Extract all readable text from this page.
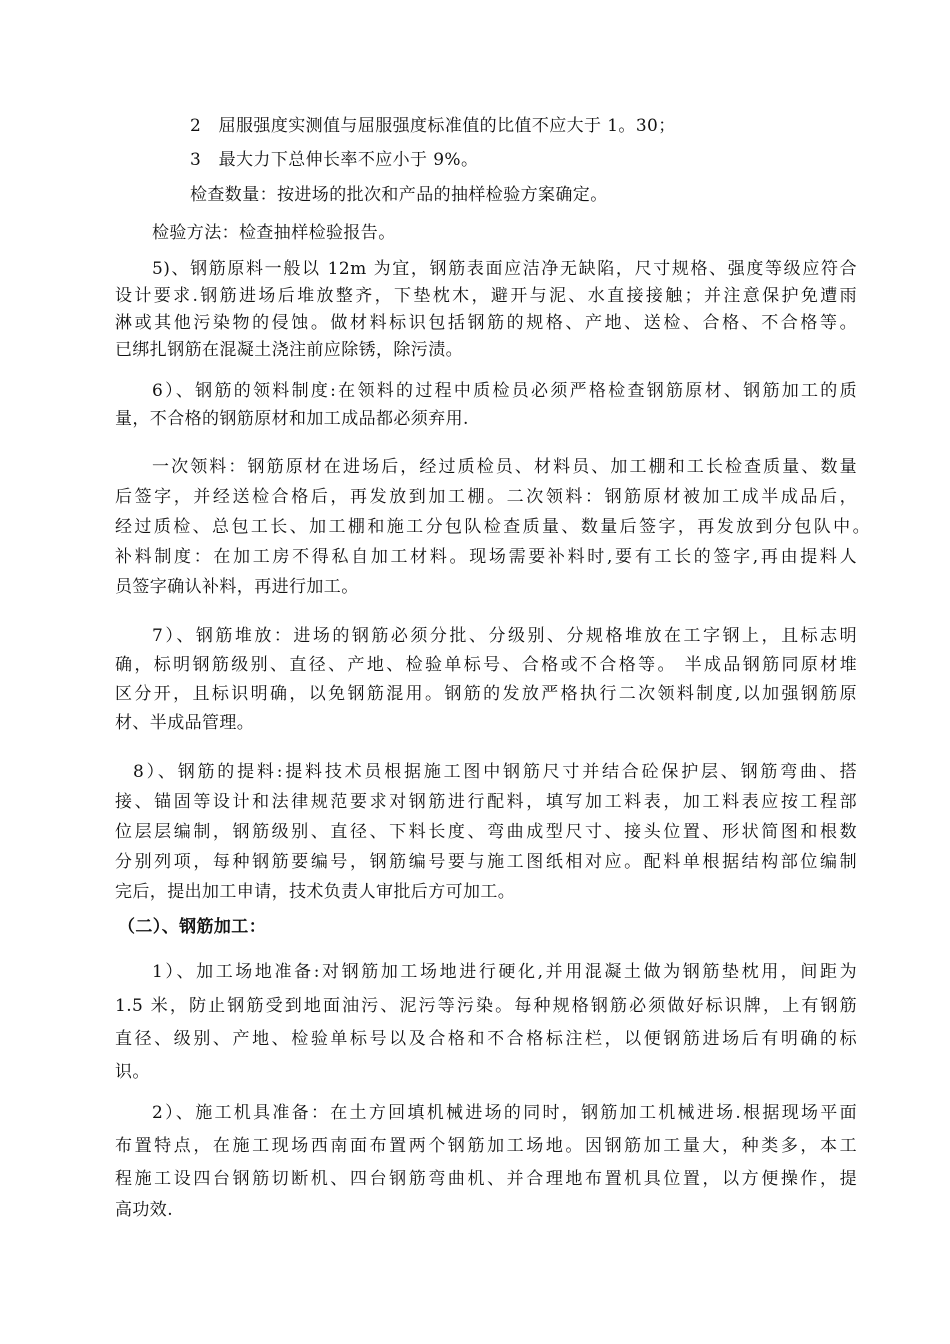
2　屈服强度实测值与屈服强度标准值的比值不应大于 1。30；
3　最大力下总伸长率不应小于 9%。
检查数量：按进场的批次和产品的抽样检验方案确定。
检验方法：检查抽样检验报告。
5)、钢筋原料一般以 12m 为宜，钢筋表面应洁净无缺陷，尺寸规格、强度等级应符合
设计要求.钢筋进场后堆放整齐，下垫枕木，避开与泥、水直接接触；并注意保护免遭雨
淋或其他污染物的侵蚀。做材料标识包括钢筋的规格、产地、送检、合格、不合格等。
已绑扎钢筋在混凝土浇注前应除锈，除污渍。
6）、钢筋的领料制度:在领料的过程中质检员必须严格检查钢筋原材、钢筋加工的质
量，不合格的钢筋原材和加工成品都必须弃用.
一次领料：钢筋原材在进场后，经过质检员、材料员、加工棚和工长检查质量、数量
后签字，并经送检合格后，再发放到加工棚。二次领料：钢筋原材被加工成半成品后，
经过质检、总包工长、加工棚和施工分包队检查质量、数量后签字，再发放到分包队中。
补料制度：在加工房不得私自加工材料。现场需要补料时,要有工长的签字,再由提料人
员签字确认补料，再进行加工。
7）、钢筋堆放：进场的钢筋必须分批、分级别、分规格堆放在工字钢上，且标志明
确，标明钢筋级别、直径、产地、检验单标号、合格或不合格等。 半成品钢筋同原材堆
区分开，且标识明确，以免钢筋混用。钢筋的发放严格执行二次领料制度,以加强钢筋原
材、半成品管理。
8）、钢筋的提料:提料技术员根据施工图中钢筋尺寸并结合砼保护层、钢筋弯曲、搭
接、锚固等设计和法律规范要求对钢筋进行配料，填写加工料表，加工料表应按工程部
位层层编制，钢筋级别、直径、下料长度、弯曲成型尺寸、接头位置、形状简图和根数
分别列项，每种钢筋要编号，钢筋编号要与施工图纸相对应。配料单根据结构部位编制
完后，提出加工申请，技术负责人审批后方可加工。
（二）、钢筋加工：
1）、加工场地准备:对钢筋加工场地进行硬化,并用混凝土做为钢筋垫枕用，间距为
1.5 米，防止钢筋受到地面油污、泥污等污染。每种规格钢筋必须做好标识牌，上有钢筋
直径、级别、产地、检验单标号以及合格和不合格标注栏，以便钢筋进场后有明确的标
识。
2）、施工机具准备：在土方回填机械进场的同时，钢筋加工机械进场.根据现场平面
布置特点，在施工现场西南面布置两个钢筋加工场地。因钢筋加工量大，种类多，本工
程施工设四台钢筋切断机、四台钢筋弯曲机、并合理地布置机具位置，以方便操作，提
高功效.
